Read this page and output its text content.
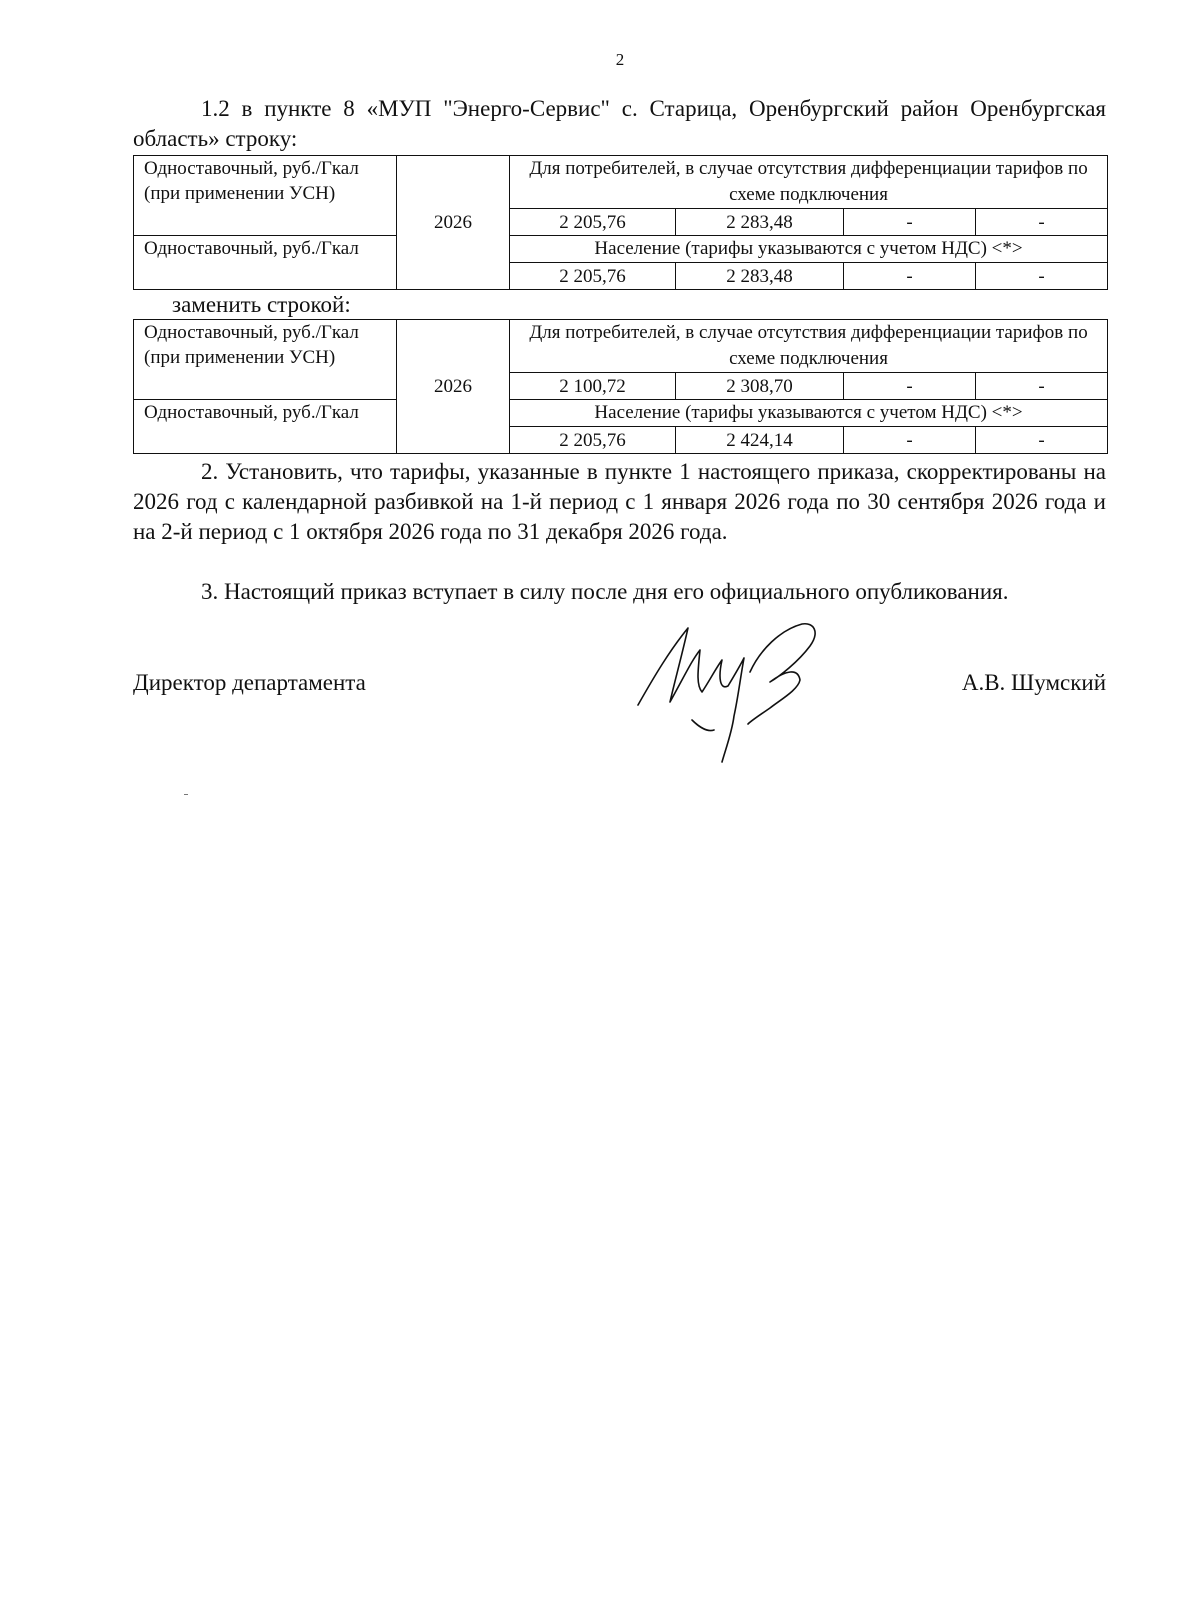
2

1.2 в пункте 8 «МУП "Энерго-Сервис" с. Старица, Оренбургский район Оренбургская область» строку:

Одноставочный, руб./Гкал (при применении УСН)	2026	Для потребителей, в случае отсутствия дифференциации тарифов по схеме подключения			

		2 205,76	2 283,48	-	-
Одноставочный, руб./Гкал		Население (тарифы указываются с учетом НДС) <*>			
		2 205,76	2 283,48	-	-
заменить строкой:
Одноставочный, руб./Гкал (при применении УСН)	2026	Для потребителей, в случае отсутствия дифференциации тарифов по схеме подключения			

		2 100,72	2 308,70	-	-
Одноставочный, руб./Гкал		Население (тарифы указываются с учетом НДС) <*>			
		2 205,76	2 424,14	-	-

2. Установить, что тарифы, указанные в пункте 1 настоящего приказа, скорректированы на 2026 год с календарной разбивкой на 1-й период с 1 января 2026 года по 30 сентября 2026 года и на 2-й период с 1 октября 2026 года по 31 декабря 2026 года.

3. Настоящий приказ вступает в силу после дня его официального опубликования.

Директор департамента	А.В. Шумский
